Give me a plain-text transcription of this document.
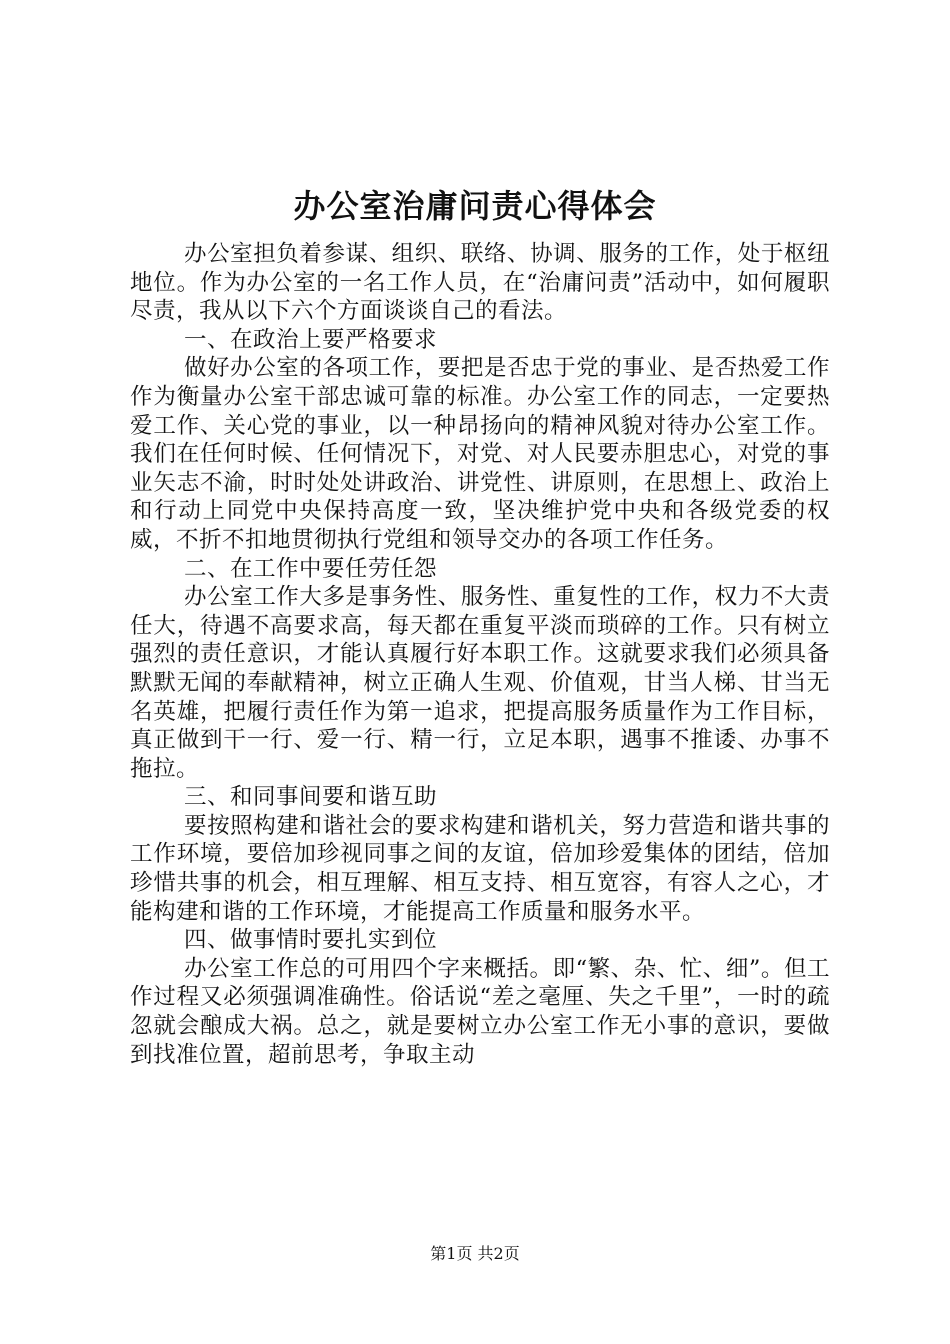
办公室治庸问责心得体会

办公室担负着参谋、组织、联络、协调、服务的工作，处于枢纽地位。作为办公室的一名工作人员，在“治庸问责”活动中，如何履职尽责，我从以下六个方面谈谈自己的看法。

一、在政治上要严格要求

做好办公室的各项工作，要把是否忠于党的事业、是否热爱工作作为衡量办公室干部忠诚可靠的标准。办公室工作的同志，一定要热爱工作、关心党的事业，以一种昂扬向的精神风貌对待办公室工作。我们在任何时候、任何情况下，对党、对人民要赤胆忠心，对党的事业矢志不渝，时时处处讲政治、讲党性、讲原则，在思想上、政治上和行动上同党中央保持高度一致，坚决维护党中央和各级党委的权威，不折不扣地贯彻执行党组和领导交办的各项工作任务。

二、在工作中要任劳任怨

办公室工作大多是事务性、服务性、重复性的工作，权力不大责任大，待遇不高要求高，每天都在重复平淡而琐碎的工作。只有树立强烈的责任意识，才能认真履行好本职工作。这就要求我们必须具备默默无闻的奉献精神，树立正确人生观、价值观，甘当人梯、甘当无名英雄，把履行责任作为第一追求，把提高服务质量作为工作目标，真正做到干一行、爱一行、精一行，立足本职，遇事不推诿、办事不拖拉。

三、和同事间要和谐互助

要按照构建和谐社会的要求构建和谐机关，努力营造和谐共事的工作环境，要倍加珍视同事之间的友谊，倍加珍爱集体的团结，倍加珍惜共事的机会，相互理解、相互支持、相互宽容，有容人之心，才能构建和谐的工作环境，才能提高工作质量和服务水平。

四、做事情时要扎实到位

办公室工作总的可用四个字来概括。即“繁、杂、忙、细”。但工作过程又必须强调准确性。俗话说“差之毫厘、失之千里”，一时的疏忽就会酿成大祸。总之，就是要树立办公室工作无小事的意识，要做到找准位置，超前思考，争取主动

第1页 共2页
